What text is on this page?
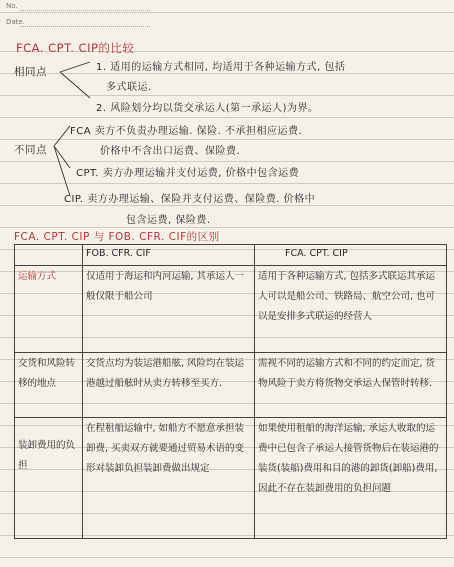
No.
Date.
FCA. CPT. CIP的比较
相同点	1. 适用的运输方式相同, 均适用于各种运输方式, 包括
多式联运.
2. 风险划分均以货交承运人(第一承运人)为界。
不同点
FCA 卖方不负责办理运输. 保险. 不承担相应运费.
价格中不含出口运费、保险费.
CPT. 卖方办理运输并支付运费, 价格中包含运费
CIP. 卖方办理运输、保险并支付运费、保险费. 价格中
包含运费, 保险费.
FCA. CPT. CIP 与 FOB. CFR. CIF的区别
	FOB. CFR. CIF	FCA. CPT. CIP
运输方式	仅适用于海运和内河运输, 其承运人一般仅限于船公司	适用于各种运输方式, 包括多式联运其承运人可以是船公司、铁路局、航空公司, 也可以是安排多式联运的经营人
交货和风险转移的地点	交货点均为装运港船舷, 风险均在装运港越过船舷时从卖方转移至买方.	需视不同的运输方式和不同的约定而定, 货物风险于卖方将货物交承运人保管时转移.
装卸费用的负担	在程租船运输中, 如船方不愿意承担装卸费, 买卖双方就要通过贸易术语的变形对装卸负担装卸费做出规定	如果使用租船的海洋运输, 承运人收取的运费中已包含了承运人接管货物后在装运港的装货(装船)费用和目的港的卸货(卸船)费用, 因此不存在装卸费用的负担问题
